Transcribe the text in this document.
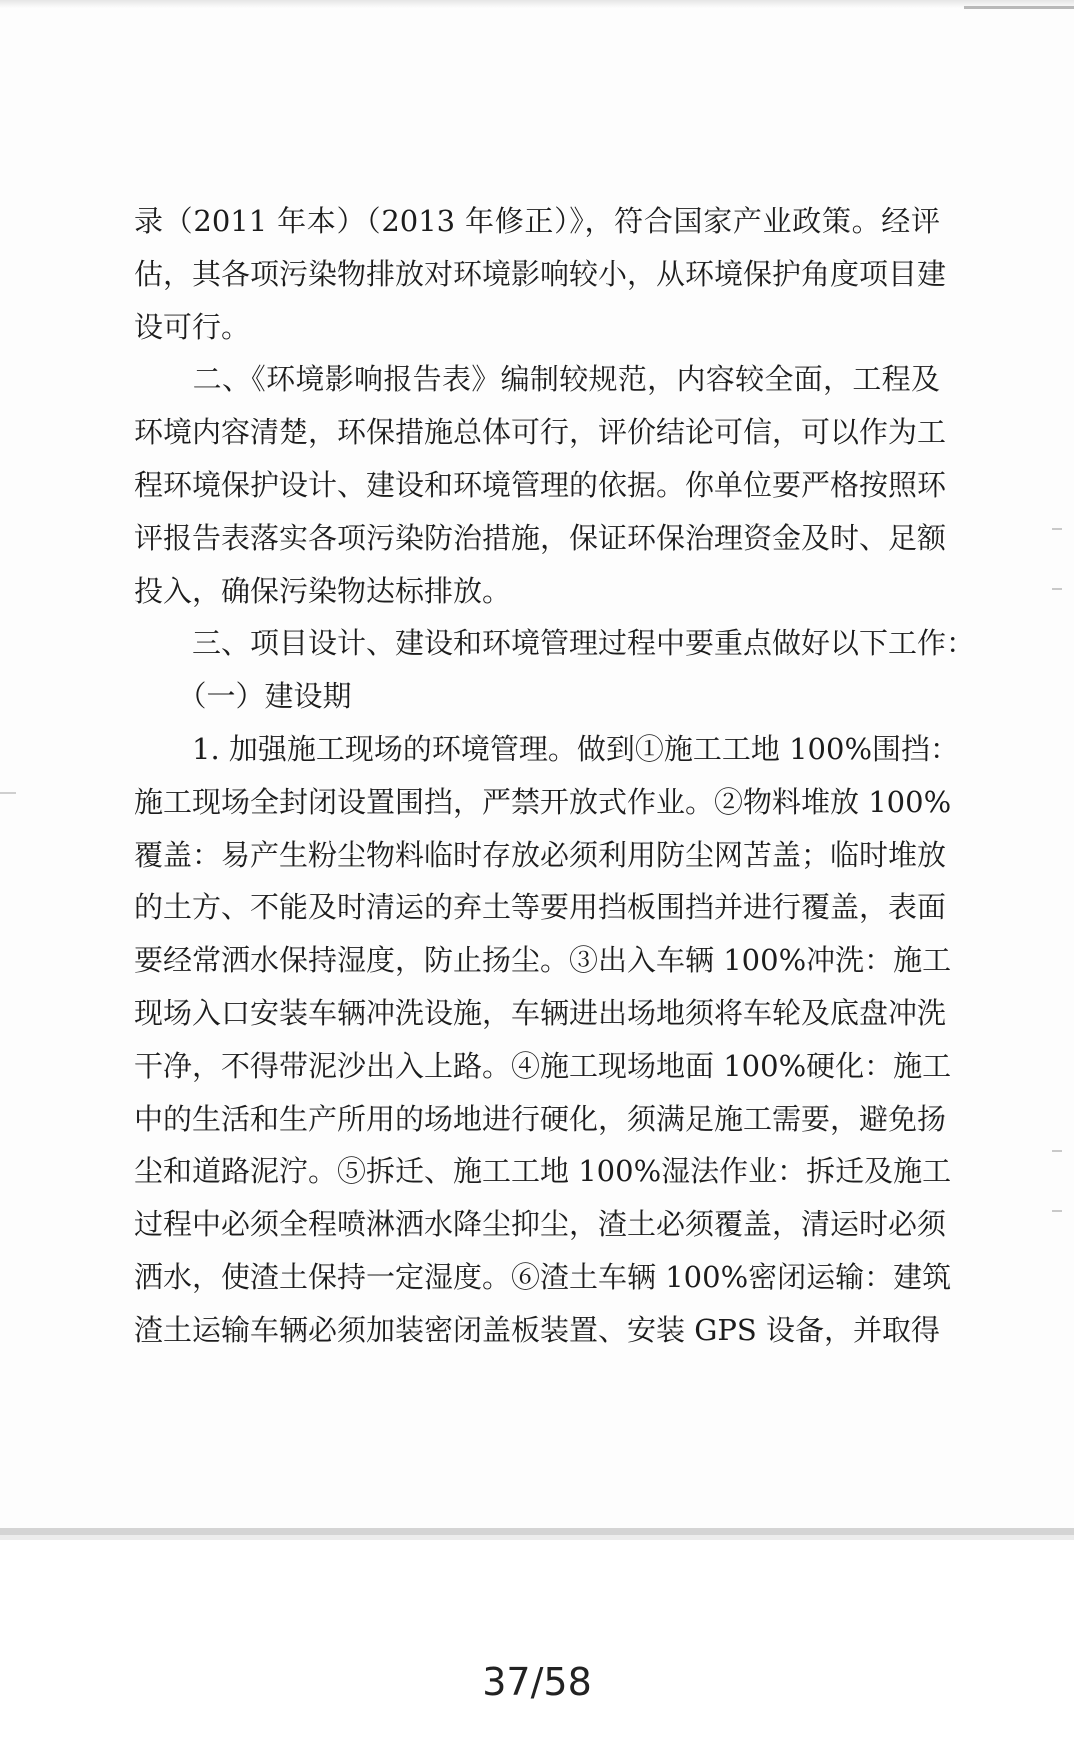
录（2011 年本）（2013 年修正）》，符合国家产业政策。经评
估，其各项污染物排放对环境影响较小，从环境保护角度项目建
设可行。
　　二、《环境影响报告表》编制较规范，内容较全面，工程及
环境内容清楚，环保措施总体可行，评价结论可信，可以作为工
程环境保护设计、建设和环境管理的依据。你单位要严格按照环
评报告表落实各项污染防治措施，保证环保治理资金及时、足额
投入，确保污染物达标排放。
　　三、项目设计、建设和环境管理过程中要重点做好以下工作：
　　（一）建设期
　　1. 加强施工现场的环境管理。做到①施工工地 100%围挡：
施工现场全封闭设置围挡，严禁开放式作业。②物料堆放 100%
覆盖：易产生粉尘物料临时存放必须利用防尘网苫盖；临时堆放
的土方、不能及时清运的弃土等要用挡板围挡并进行覆盖，表面
要经常洒水保持湿度，防止扬尘。③出入车辆 100%冲洗：施工
现场入口安装车辆冲洗设施，车辆进出场地须将车轮及底盘冲洗
干净，不得带泥沙出入上路。④施工现场地面 100%硬化：施工
中的生活和生产所用的场地进行硬化，须满足施工需要，避免扬
尘和道路泥泞。⑤拆迁、施工工地 100%湿法作业：拆迁及施工
过程中必须全程喷淋洒水降尘抑尘，渣土必须覆盖，清运时必须
洒水，使渣土保持一定湿度。⑥渣土车辆 100%密闭运输：建筑
渣土运输车辆必须加装密闭盖板装置、安装 GPS 设备，并取得
37/58
